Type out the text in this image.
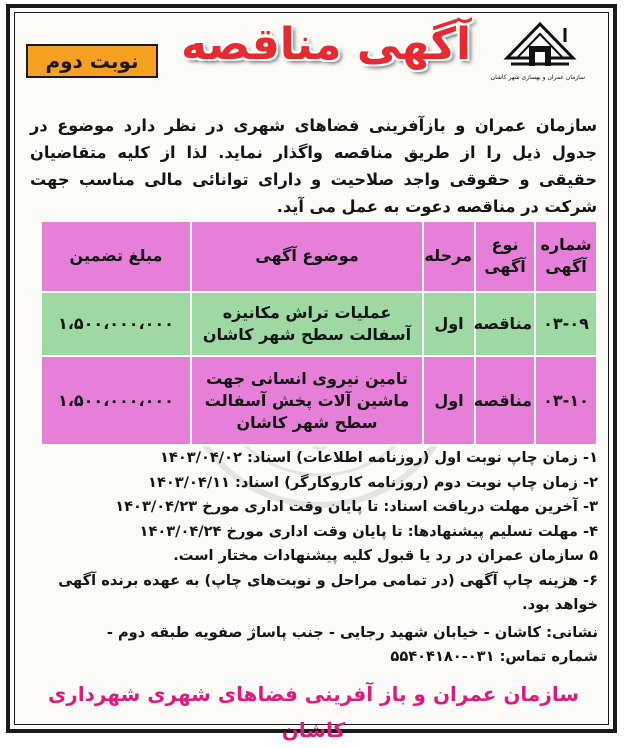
سازمان عمران و بهسازی شهر کاشان
آگهی مناقصه
نوبت دوم
سازمان عمران و بازآفرینی فضاهای شهری در نظر دارد موضوع در جدول ذیل را از طریق مناقصه واگذار نماید. لذا از کلیه متقاضیان حقیقی و حقوقی واجد صلاحیت و دارای توانائی مالی مناسب جهت شرکت در مناقصه دعوت به عمل می آید.
شماره آگهی	نوع آگهی	مرحله	موضوع آگهی	مبلغ تضمین
۰۳-۰۹	مناقصه	اول	عملیات تراش مکانیزه آسفالت سطح شهر کاشان	۱،۵۰۰،۰۰۰،۰۰۰
۰۳-۱۰	مناقصه	اول	تامین نیروی انسانی جهت ماشین آلات پخش آسفالت سطح شهر کاشان	۱،۵۰۰،۰۰۰،۰۰۰
۱- زمان چاپ نوبت اول (روزنامه اطلاعات) اسناد: ۱۴۰۳/۰۴/۰۲
۲- زمان چاپ نوبت دوم (روزنامه کاروکارگر) اسناد: ۱۴۰۳/۰۴/۱۱
۳- آخرین مهلت دریافت اسناد: تا پایان وقت اداری مورخ ۱۴۰۳/۰۴/۲۳
۴- مهلت تسلیم پیشنهادها: تا پایان وقت اداری مورخ ۱۴۰۳/۰۴/۲۴
۵ سازمان عمران در رد یا قبول کلیه پیشنهادات مختار است.
۶- هزینه چاپ آگهی (در تمامی مراحل و نوبت‌های چاپ) به عهده برنده آگهی خواهد بود.
نشانی: کاشان - خیابان شهید رجایی - جنب پاساژ صفویه طبقه دوم -
شماره تماس: ۰۳۱-۵۵۴۰۴۱۸۰
سازمان عمران و باز آفرینی فضاهای شهری شهرداری کاشان
